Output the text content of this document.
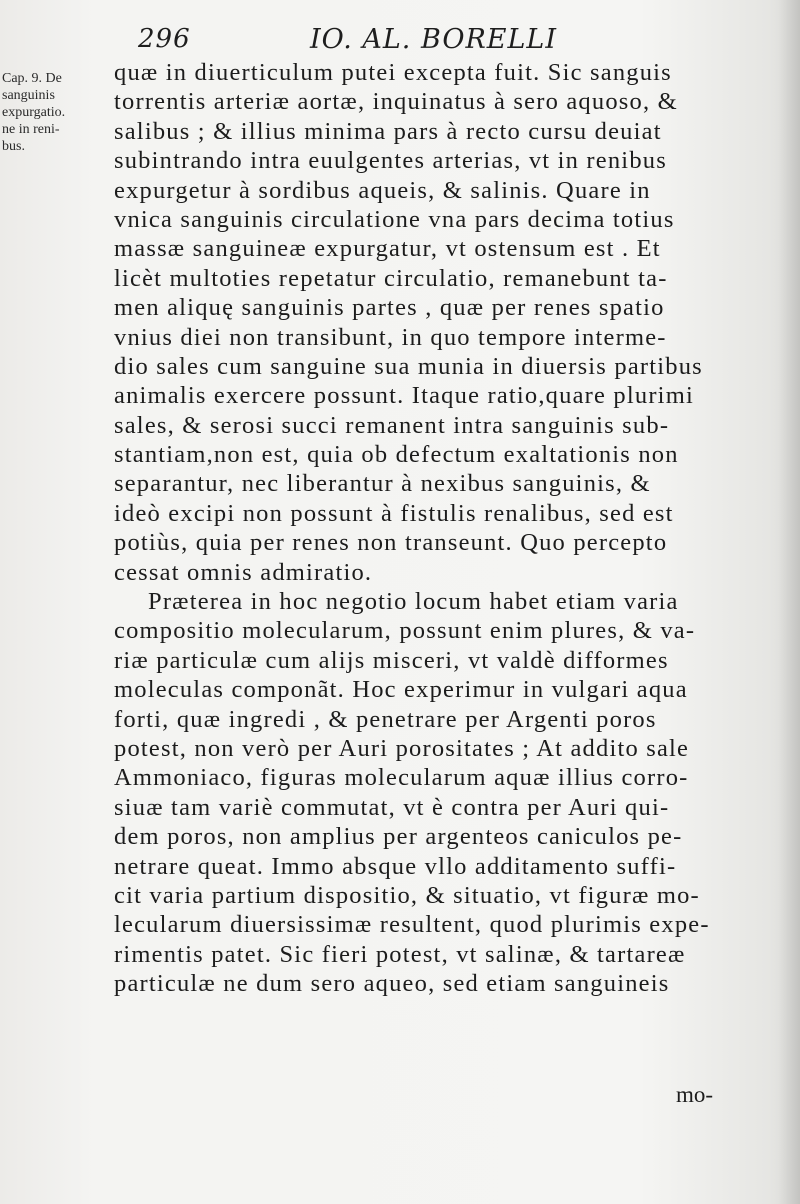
296	IO. AL. BORELLI
Cap. 9. De
sanguinis
expurgatio.
ne in reni-
bus.
quæ in diuerticulum putei excepta fuit. Sic sanguis
torrentis arteriæ aortæ, inquinatus à sero aquoso, &
salibus ; & illius minima pars à recto cursu deuiat
subintrando intra euulgentes arterias, vt in renibus
expurgetur à sordibus aqueis, & salinis. Quare in
vnica sanguinis circulatione vna pars decima totius
massæ sanguineæ expurgatur, vt ostensum est . Et
licèt multoties repetatur circulatio, remanebunt ta-
men aliquę sanguinis partes , quæ per renes spatio
vnius diei non transibunt, in quo tempore interme-
dio sales cum sanguine sua munia in diuersis partibus
animalis exercere possunt. Itaque ratio,quare plurimi
sales, & serosi succi remanent intra sanguinis sub-
stantiam,non est, quia ob defectum exaltationis non
separantur, nec liberantur à nexibus sanguinis, &
ideò excipi non possunt à fistulis renalibus, sed est
potiùs, quia per renes non transeunt. Quo percepto
cessat omnis admiratio.
Præterea in hoc negotio locum habet etiam varia
compositio molecularum, possunt enim plures, & va-
riæ particulæ cum alijs misceri, vt valdè difformes
moleculas componãt. Hoc experimur in vulgari aqua
forti, quæ ingredi , & penetrare per Argenti poros
potest, non verò per Auri porositates ; At addito sale
Ammoniaco, figuras molecularum aquæ illius corro-
siuæ tam variè commutat, vt è contra per Auri qui-
dem poros, non amplius per argenteos caniculos pe-
netrare queat. Immo absque vllo additamento suffi-
cit varia partium dispositio, & situatio, vt figuræ mo-
lecularum diuersissimæ resultent, quod plurimis expe-
rimentis patet. Sic fieri potest, vt salinæ, & tartareæ
particulæ ne dum sero aqueo, sed etiam sanguineis
mo-
